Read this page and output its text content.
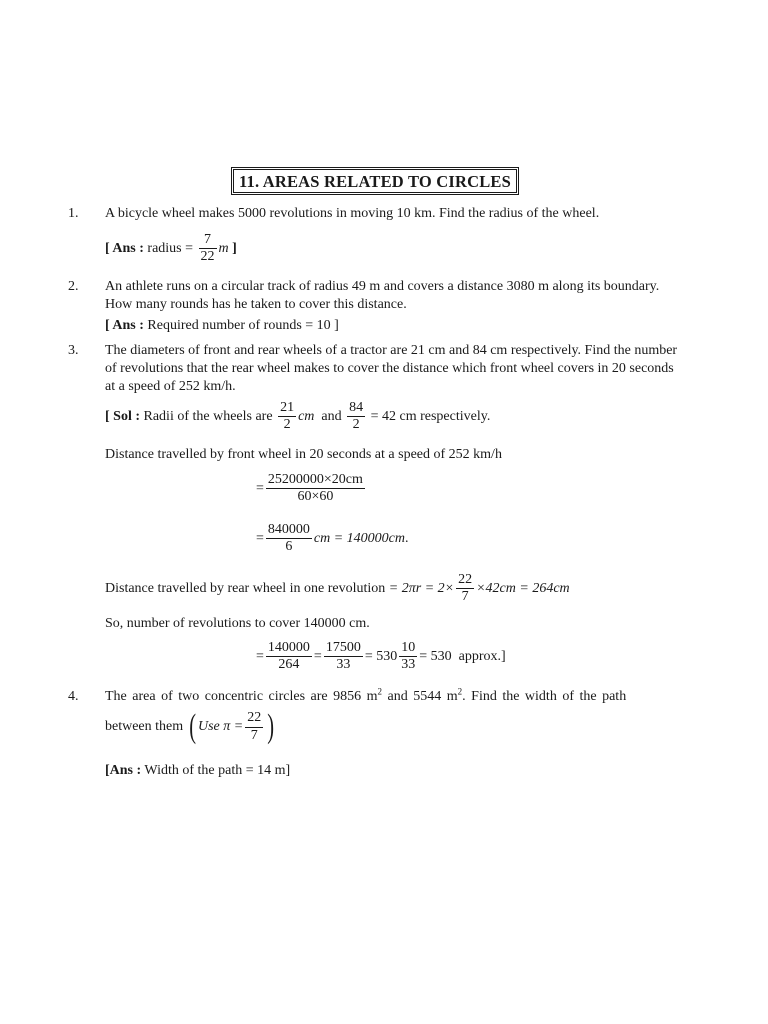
11. AREAS RELATED TO CIRCLES
1. A bicycle wheel makes 5000 revolutions in moving 10 km. Find the radius of the wheel.
[ Ans : radius = $\frac{7}{22}$ m ]
2. An athlete runs on a circular track of radius 49 m and covers a distance 3080 m along its boundary.
How many rounds has he taken to cover this distance.
[ Ans : Required number of rounds = 10 ]
3. The diameters of front and rear wheels of a tractor are 21 cm and 84 cm respectively. Find the number
of revolutions that the rear wheel makes to cover the distance which front wheel covers in 20 seconds
at a speed of 252 km/h.
[ Sol : Radii of the wheels are $\frac{21}{2}$ cm and $\frac{84}{2} = 42$ cm respectively.
Distance travelled by front wheel in 20 seconds at a speed of 252 km/h
= $\frac{25200000\times 20cm}{60\times 60}$
= $\frac{840000}{6}$ cm = 140000cm.
Distance travelled by rear wheel in one revolution = $2\pi r = 2\times \frac{22}{7} \times 42cm = 264cm$
So, number of revolutions to cover 140000 cm.
= $\frac{140000}{264} = \frac{17500}{33} = 530 \frac{10}{33} = 530$ approx.]
4. The area of two concentric circles are 9856 $m^2$ and 5544 $m^2$. Find the width of the path
between them ( Use $\pi = \frac{22}{7}$ )
[Ans : Width of the path = 14 m]
